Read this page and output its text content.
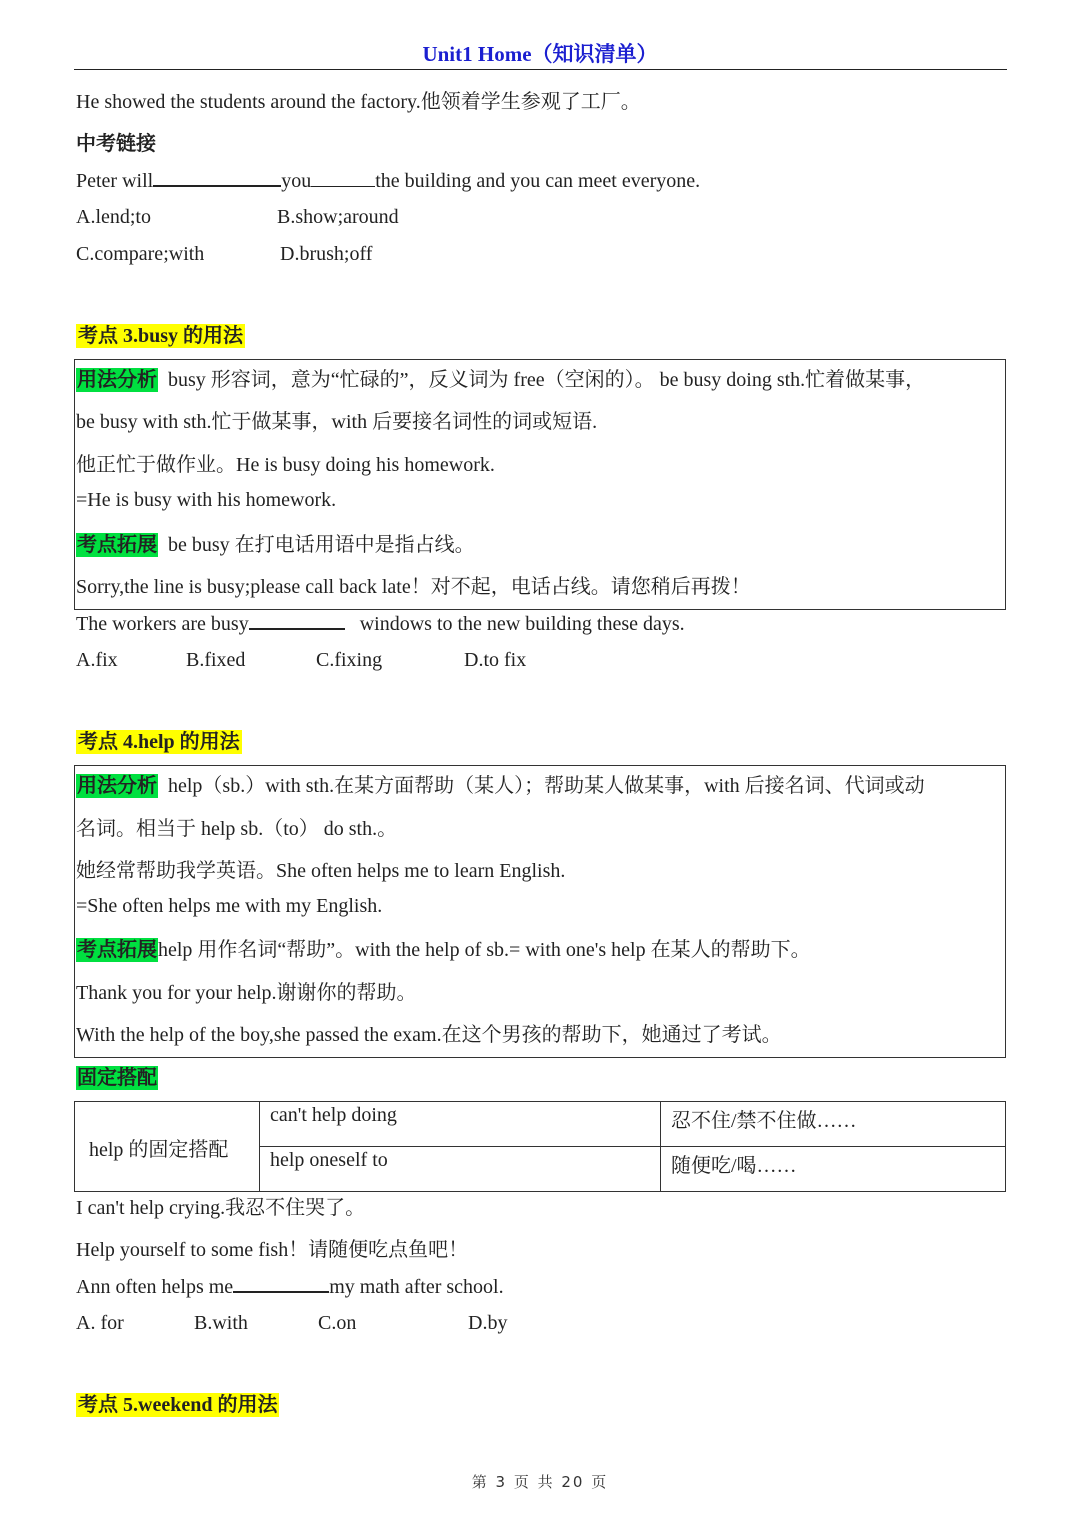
Unit1 Home（知识清单）
He showed the students around the factory.他领着学生参观了工厂。
中考链接
Peter will	you	the building and you can meet everyone.
A.lend;to	B.show;around
C.compare;with	D.brush;off
考点 3.busy 的用法
用法分析 busy 形容词，意为“忙碌的”，反义词为 free（空闲的）。 be busy doing sth.忙着做某事，
be busy with sth.忙于做某事，with 后要接名词性的词或短语.
他正忙于做作业。He is busy doing his homework.
=He is busy with his homework.
考点拓展 be busy 在打电话用语中是指占线。
Sorry,the line is busy;please call back late！对不起，电话占线。请您稍后再拨！
The workers are busy	windows to the new building these days.
A.fix	B.fixed	C.fixing	D.to fix
考点 4.help 的用法
用法分析 help（sb.）with sth.在某方面帮助（某人）；帮助某人做某事，with 后接名词、代词或动
名词。相当于 help sb.（to） do sth.。
她经常帮助我学英语。She often helps me to learn English.
=She often helps me with my English.
考点拓展help 用作名词“帮助”。with the help of sb.= with one's help 在某人的帮助下。
Thank you for your help.谢谢你的帮助。
With the help of the boy,she passed the exam.在这个男孩的帮助下，她通过了考试。
固定搭配
help 的固定搭配	can't help doing	忍不住/禁不住做……
	help oneself to	随便吃/喝……
I can't help crying.我忍不住哭了。
Help yourself to some fish！请随便吃点鱼吧！
Ann often helps me	my math after school.
A. for	B.with	C.on	D.by
考点 5.weekend 的用法
第 3 页 共 20 页
